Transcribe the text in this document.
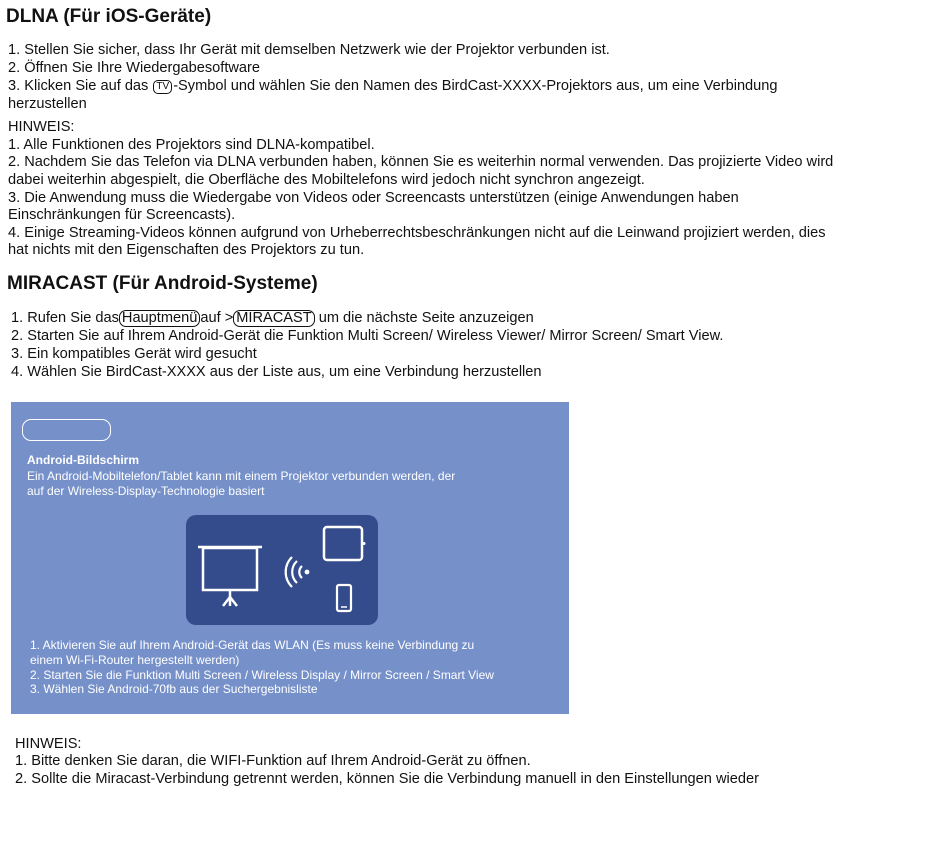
DLNA (Für iOS-Geräte)

1. Stellen Sie sicher, dass Ihr Gerät mit demselben Netzwerk wie der Projektor verbunden ist.

2. Öffnen Sie Ihre Wiedergabesoftware

3. Klicken Sie auf das TV -Symbol und wählen Sie den Namen des BirdCast-XXXX-Projektors aus, um eine Verbindung

herzustellen

HINWEIS:

1. Alle Funktionen des Projektors sind DLNA-kompatibel.

2. Nachdem Sie das Telefon via DLNA verbunden haben, können Sie es weiterhin normal verwenden. Das projizierte Video wird

dabei weiterhin abgespielt, die Oberfläche des Mobiltelefons wird jedoch nicht synchron angezeigt.

3. Die Anwendung muss die Wiedergabe von Videos oder Screencasts unterstützen (einige Anwendungen haben

Einschränkungen für Screencasts).

4. Einige Streaming-Videos können aufgrund von Urheberrechtsbeschränkungen nicht auf die Leinwand projiziert werden, dies

hat nichts mit den Eigenschaften des Projektors zu tun.

MIRACAST (Für Android-Systeme)

1. Rufen Sie das Hauptmenü auf > MIRACAST um die nächste Seite anzuzeigen

2. Starten Sie auf Ihrem Android-Gerät die Funktion Multi Screen/ Wireless Viewer/ Mirror Screen/ Smart View.

3. Ein kompatibles Gerät wird gesucht

4. Wählen Sie BirdCast-XXXX aus der Liste aus, um eine Verbindung herzustellen

Android-Bildschirm
Ein Android-Mobiltelefon/Tablet kann mit einem Projektor verbunden werden, der
auf der Wireless-Display-Technologie basiert
1. Aktivieren Sie auf Ihrem Android-Gerät das WLAN (Es muss keine Verbindung zu
einem Wi-Fi-Router hergestellt werden)
2. Starten Sie die Funktion Multi Screen / Wireless Display / Mirror Screen / Smart View
3. Wählen Sie Android-70fb aus der Suchergebnisliste

HINWEIS:

1. Bitte denken Sie daran, die WIFI-Funktion auf Ihrem Android-Gerät zu öffnen.

2. Sollte die Miracast-Verbindung getrennt werden, können Sie die Verbindung manuell in den Einstellungen wieder
